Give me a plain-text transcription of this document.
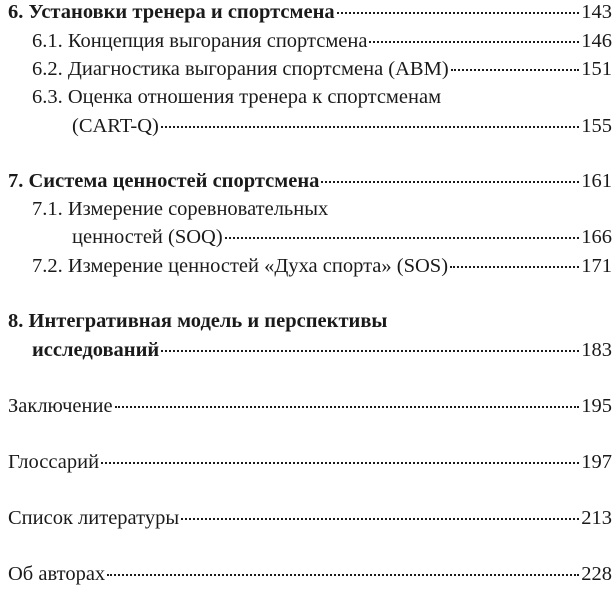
6. Установки тренера и спортсмена	143
6.1. Концепция выгорания спортсмена	146
6.2. Диагностика выгорания спортсмена (ABM)	151
6.3. Оценка отношения тренера к спортсменам
(CART-Q)	155
7. Система ценностей спортсмена	161
7.1. Измерение соревновательных
ценностей (SOQ)	166
7.2. Измерение ценностей «Духа спорта» (SOS)	171
8. Интегративная модель и перспективы
исследований	183
Заключение	195
Глоссарий	197
Список литературы	213
Об авторах	228
